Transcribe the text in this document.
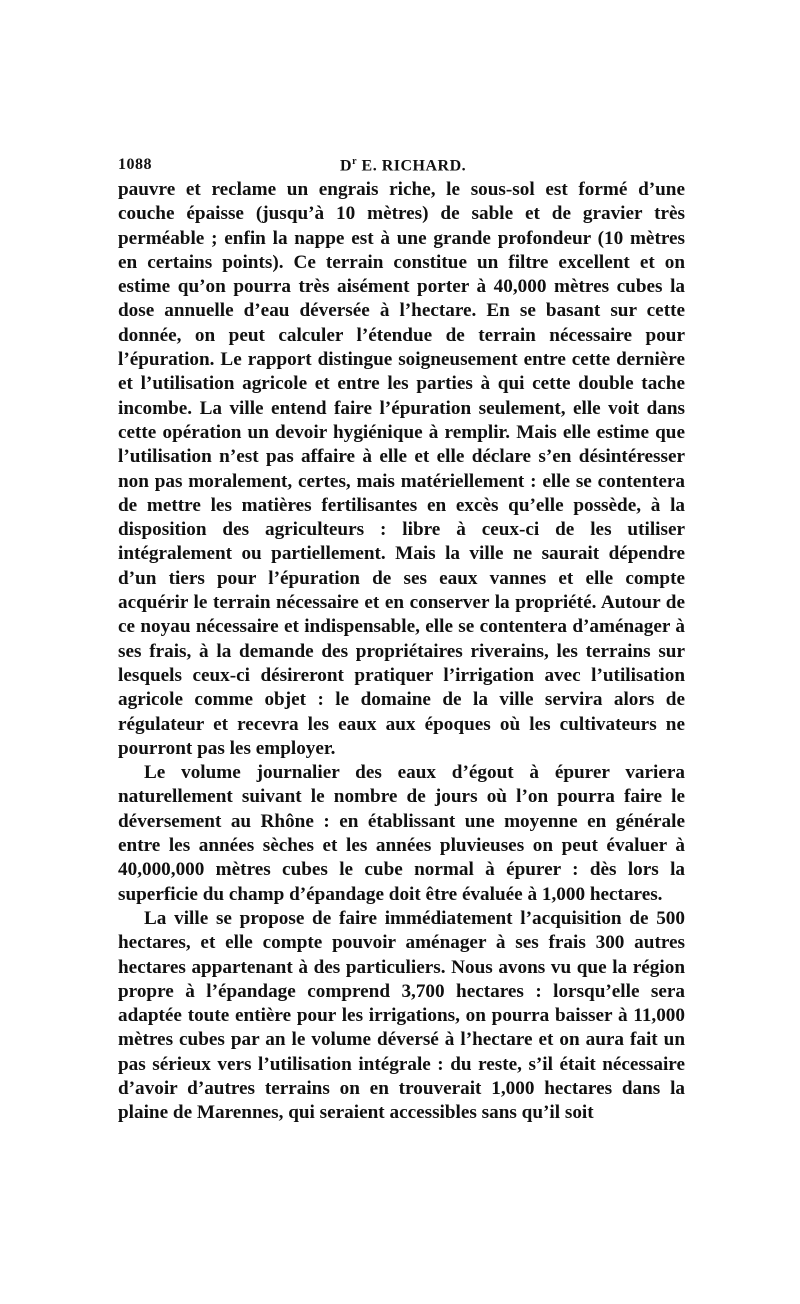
1088	$D^r$ E. RICHARD.

pauvre et reclame un engrais riche, le sous-sol est formé d’une couche épaisse (jusqu’à 10 mètres) de sable et de gravier très perméable ; enfin la nappe est à une grande profondeur (10 mètres en certains points). Ce terrain constitue un filtre excellent et on estime qu’on pourra très aisément porter à 40,000 mètres cubes la dose annuelle d’eau déversée à l’hectare. En se basant sur cette donnée, on peut calculer l’étendue de terrain nécessaire pour l’épuration. Le rapport distingue soigneusement entre cette dernière et l’utilisation agricole et entre les parties à qui cette double tache incombe. La ville entend faire l’épuration seulement, elle voit dans cette opération un devoir hygiénique à remplir. Mais elle estime que l’utilisation n’est pas affaire à elle et elle déclare s’en désintéresser non pas moralement, certes, mais matériellement : elle se contentera de mettre les matières fertilisantes en excès qu’elle possède, à la disposition des agriculteurs : libre à ceux-ci de les utiliser intégralement ou partiellement. Mais la ville ne saurait dépendre d’un tiers pour l’épuration de ses eaux vannes et elle compte acquérir le terrain nécessaire et en conserver la propriété. Autour de ce noyau nécessaire et indispensable, elle se contentera d’aménager à ses frais, à la demande des propriétaires riverains, les terrains sur lesquels ceux-ci désireront pratiquer l’irrigation avec l’utilisation agricole comme objet : le domaine de la ville servira alors de régulateur et recevra les eaux aux époques où les cultivateurs ne pourront pas les employer.

Le volume journalier des eaux d’égout à épurer variera naturellement suivant le nombre de jours où l’on pourra faire le déversement au Rhône : en établissant une moyenne en générale entre les années sèches et les années pluvieuses on peut évaluer à 40,000,000 mètres cubes le cube normal à épurer : dès lors la superficie du champ d’épandage doit être évaluée à 1,000 hectares.

La ville se propose de faire immédiatement l’acquisition de 500 hectares, et elle compte pouvoir aménager à ses frais 300 autres hectares appartenant à des particuliers. Nous avons vu que la région propre à l’épandage comprend 3,700 hectares : lorsqu’elle sera adaptée toute entière pour les irrigations, on pourra baisser à 11,000 mètres cubes par an le volume déversé à l’hectare et on aura fait un pas sérieux vers l’utilisation intégrale : du reste, s’il était nécessaire d’avoir d’autres terrains on en trouverait 1,000 hectares dans la plaine de Marennes, qui seraient accessibles sans qu’il soit
